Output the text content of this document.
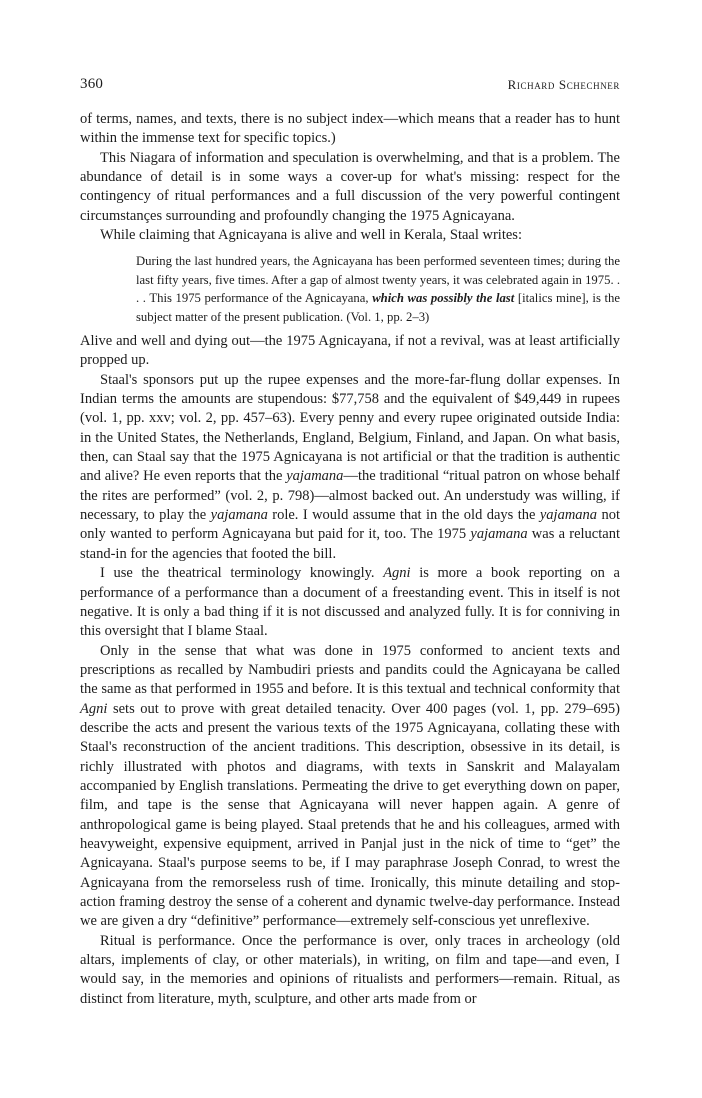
360	Richard Schechner

of terms, names, and texts, there is no subject index—which means that a reader has to hunt within the immense text for specific topics.)

This Niagara of information and speculation is overwhelming, and that is a problem. The abundance of detail is in some ways a cover-up for what's missing: respect for the contingency of ritual performances and a full discussion of the very powerful contingent circumstançes surrounding and profoundly changing the 1975 Agnicayana.

While claiming that Agnicayana is alive and well in Kerala, Staal writes:

During the last hundred years, the Agnicayana has been performed seventeen times; during the last fifty years, five times. After a gap of almost twenty years, it was celebrated again in 1975. . . . This 1975 performance of the Agnicayana, which was possibly the last [italics mine], is the subject matter of the present publication. (Vol. 1, pp. 2–3)

Alive and well and dying out—the 1975 Agnicayana, if not a revival, was at least artificially propped up.

Staal's sponsors put up the rupee expenses and the more-far-flung dollar expenses. In Indian terms the amounts are stupendous: $77,758 and the equivalent of $49,449 in rupees (vol. 1, pp. xxv; vol. 2, pp. 457–63). Every penny and every rupee originated outside India: in the United States, the Netherlands, England, Belgium, Finland, and Japan. On what basis, then, can Staal say that the 1975 Agnicayana is not artificial or that the tradition is authentic and alive? He even reports that the yajamana—the traditional “ritual patron on whose behalf the rites are performed” (vol. 2, p. 798)—almost backed out. An understudy was willing, if necessary, to play the yajamana role. I would assume that in the old days the yajamana not only wanted to perform Agnicayana but paid for it, too. The 1975 yajamana was a reluctant stand-in for the agencies that footed the bill.

I use the theatrical terminology knowingly. Agni is more a book reporting on a performance of a performance than a document of a freestanding event. This in itself is not negative. It is only a bad thing if it is not discussed and analyzed fully. It is for conniving in this oversight that I blame Staal.

Only in the sense that what was done in 1975 conformed to ancient texts and prescriptions as recalled by Nambudiri priests and pandits could the Agnicayana be called the same as that performed in 1955 and before. It is this textual and technical conformity that Agni sets out to prove with great detailed tenacity. Over 400 pages (vol. 1, pp. 279–695) describe the acts and present the various texts of the 1975 Agnicayana, collating these with Staal's reconstruction of the ancient traditions. This description, obsessive in its detail, is richly illustrated with photos and diagrams, with texts in Sanskrit and Malayalam accompanied by English translations. Permeating the drive to get everything down on paper, film, and tape is the sense that Agnicayana will never happen again. A genre of anthropological game is being played. Staal pretends that he and his colleagues, armed with heavyweight, expensive equipment, arrived in Panjal just in the nick of time to “get” the Agnicayana. Staal's purpose seems to be, if I may paraphrase Joseph Conrad, to wrest the Agnicayana from the remorseless rush of time. Ironically, this minute detailing and stop-action framing destroy the sense of a coherent and dynamic twelve-day performance. Instead we are given a dry “definitive” performance—extremely self-conscious yet unreflexive.

Ritual is performance. Once the performance is over, only traces in archeology (old altars, implements of clay, or other materials), in writing, on film and tape—and even, I would say, in the memories and opinions of ritualists and performers—remain. Ritual, as distinct from literature, myth, sculpture, and other arts made from or
